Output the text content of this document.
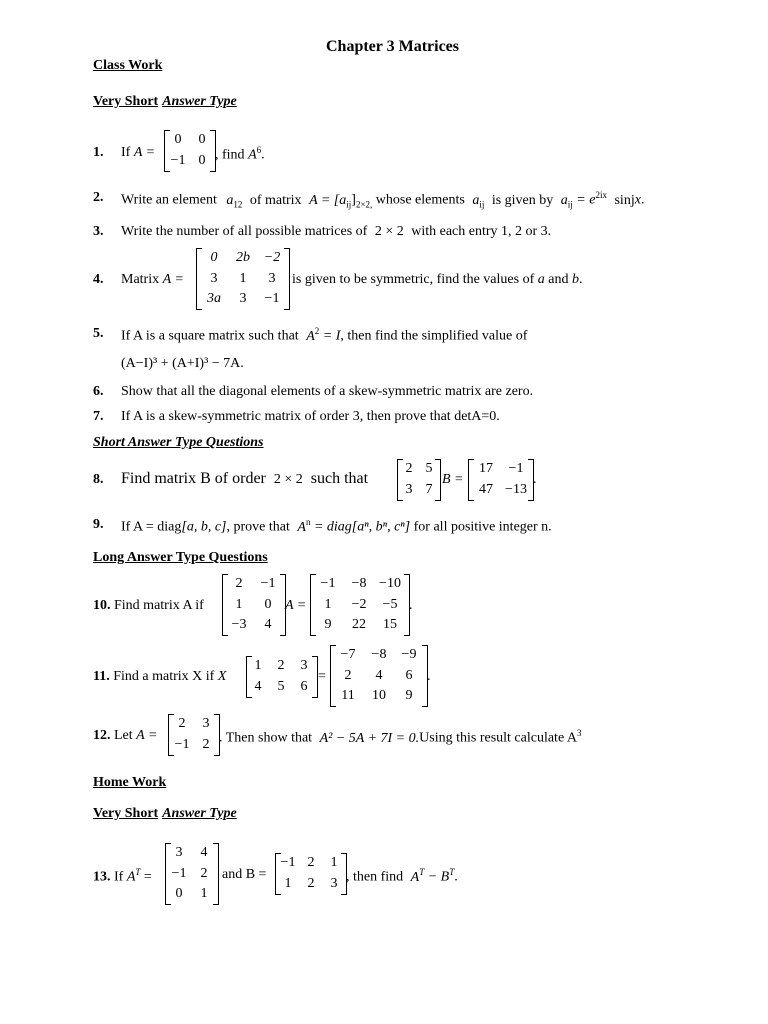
Chapter 3 Matrices
Class Work
Very Short Answer Type
1. If A =
0	0
−1 0 , find $A^6$.
2. Write an element $a_{12}$ of matrix $A = [a_{ij}]_{2\times 2,}$ whose elements $a_{ij}$ is given by $a_{ij} = e^{2ix}$ sinjx.
3. Write the number of all possible matrices of 2 × 2 with each entry 1, 2 or 3.
4. Matrix A =
0	2b −2
3	1	3
3a	3	−1
is given to be symmetric, find the values of a and b.
5. If A is a square matrix such that $A^2 = I$, then find the simplified value of
(A−I)³ + (A+I)³ − 7A.
6. Show that all the diagonal elements of a skew-symmetric matrix are zero.
7. If A is a skew-symmetric matrix of order 3, then prove that detA=0.
Short Answer Type Questions
8. Find matrix B of order 2 × 2 such that
2 5
3 7
B =
17	−1
47 −13
.
9. If A = diag[a, b, c], prove that $A^n$ = diag[aⁿ, bⁿ, cⁿ] for all positive integer n.
Long Answer Type Questions
10. Find matrix A if
2	−1
1	0
−3	4
A =
−1	−8 −10
1	−2	−5
9	22	15
.
11. Find a matrix X if X
1	2	3
4	5	6
=
−7	−8	−9
2	4	6
11	10	9
.
12. Let A =
2	3
−1 2 . Then show that A² − 5A + 7I = 0.Using this result calculate $A^3$
Home Work
Very Short Answer Type
13. If $A^T$ =
3	4
−1	2
0	1
and B =
−1 2	1
1	2	3 , then find $A^T - B^T$.
